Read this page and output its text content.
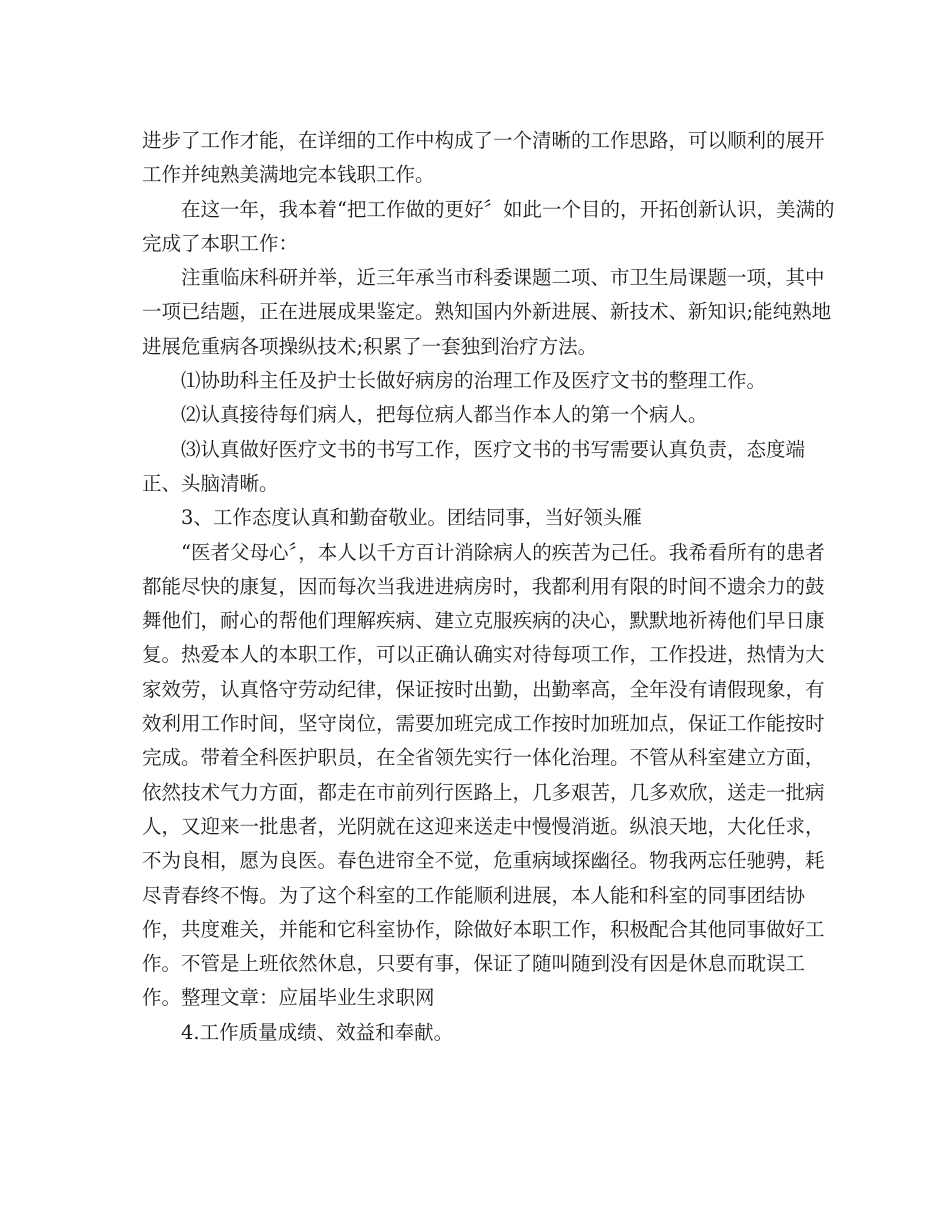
进步了工作才能，在详细的工作中构成了一个清晰的工作思路，可以顺利的展开
工作并纯熟美满地完本钱职工作。
在这一年，我本着“把工作做的更好〞如此一个目的，开拓创新认识，美满的
完成了本职工作：
注重临床科研并举，近三年承当市科委课题二项、市卫生局课题一项，其中
一项已结题，正在进展成果鉴定。熟知国内外新进展、新技术、新知识;能纯熟地
进展危重病各项操纵技术;积累了一套独到治疗方法。
⑴协助科主任及护士长做好病房的治理工作及医疗文书的整理工作。
⑵认真接待每们病人，把每位病人都当作本人的第一个病人。
⑶认真做好医疗文书的书写工作，医疗文书的书写需要认真负责，态度端
正、头脑清晰。
3、工作态度认真和勤奋敬业。团结同事，当好领头雁
“医者父母心〞，本人以千方百计消除病人的疾苦为己任。我希看所有的患者
都能尽快的康复，因而每次当我进进病房时，我都利用有限的时间不遗余力的鼓
舞他们，耐心的帮他们理解疾病、建立克服疾病的决心，默默地祈祷他们早日康
复。热爱本人的本职工作，可以正确认确实对待每项工作，工作投进，热情为大
家效劳，认真恪守劳动纪律，保证按时出勤，出勤率高，全年没有请假现象，有
效利用工作时间，坚守岗位，需要加班完成工作按时加班加点，保证工作能按时
完成。带着全科医护职员，在全省领先实行一体化治理。不管从科室建立方面，
依然技术气力方面，都走在市前列行医路上，几多艰苦，几多欢欣，送走一批病
人，又迎来一批患者，光阴就在这迎来送走中慢慢消逝。纵浪天地，大化任求，
不为良相，愿为良医。春色进帘全不觉，危重病域探幽径。物我两忘任驰骋，耗
尽青春终不悔。为了这个科室的工作能顺利进展，本人能和科室的同事团结协
作，共度难关，并能和它科室协作，除做好本职工作，积极配合其他同事做好工
作。不管是上班依然休息，只要有事，保证了随叫随到没有因是休息而耽误工
作。整理文章：应届毕业生求职网
4.工作质量成绩、效益和奉献。
